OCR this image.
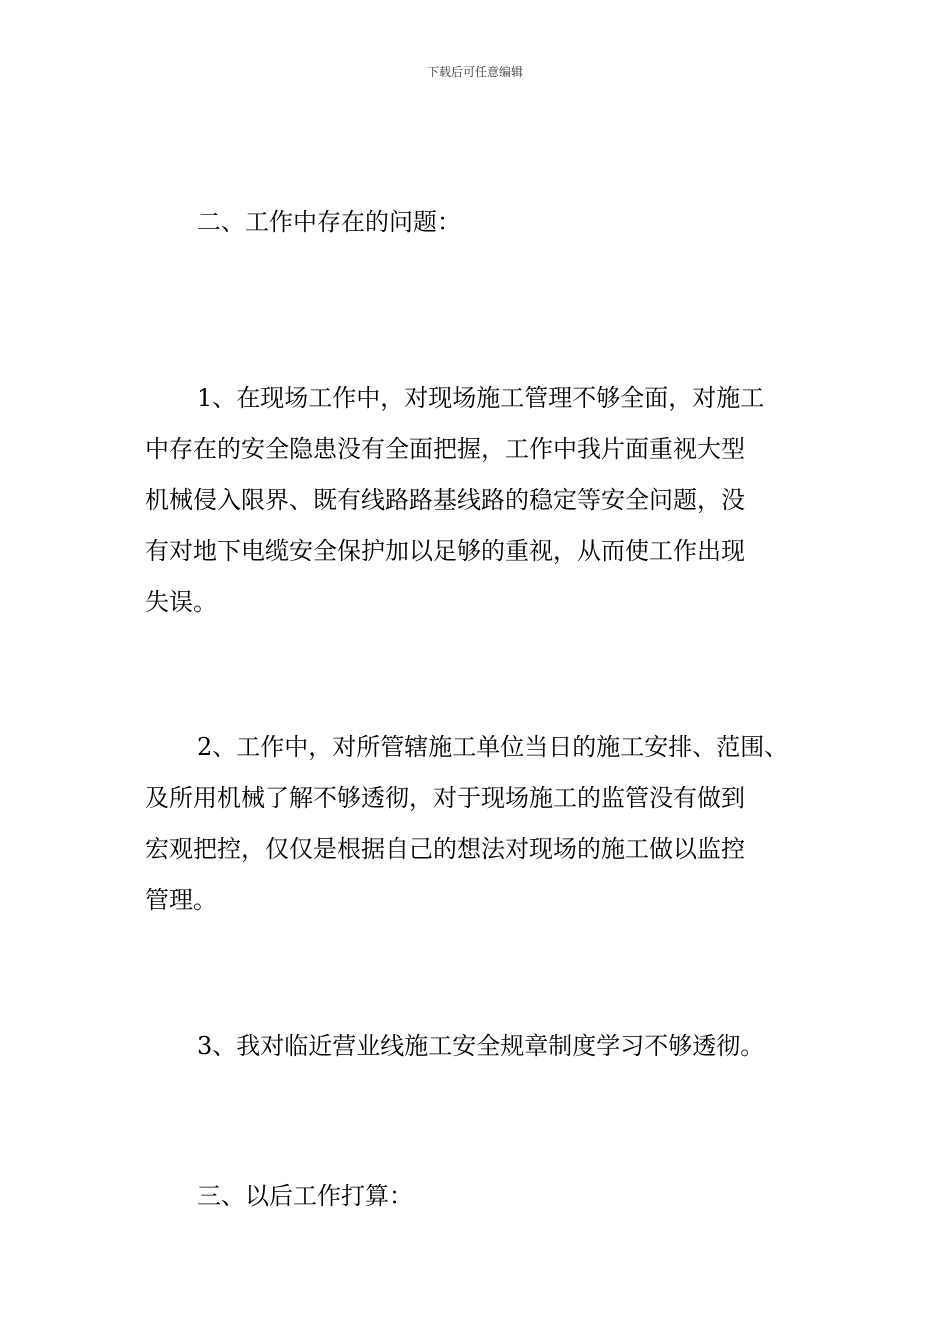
下载后可任意编辑

二、工作中存在的问题：

1、在现场工作中，对现场施工管理不够全面，对施工
中存在的安全隐患没有全面把握，工作中我片面重视大型
机械侵入限界、既有线路路基线路的稳定等安全问题，没
有对地下电缆安全保护加以足够的重视，从而使工作出现
失误。
2、工作中，对所管辖施工单位当日的施工安排、范围、
及所用机械了解不够透彻，对于现场施工的监管没有做到
宏观把控，仅仅是根据自己的想法对现场的施工做以监控
管理。

3、我对临近营业线施工安全规章制度学习不够透彻。

三、以后工作打算：
